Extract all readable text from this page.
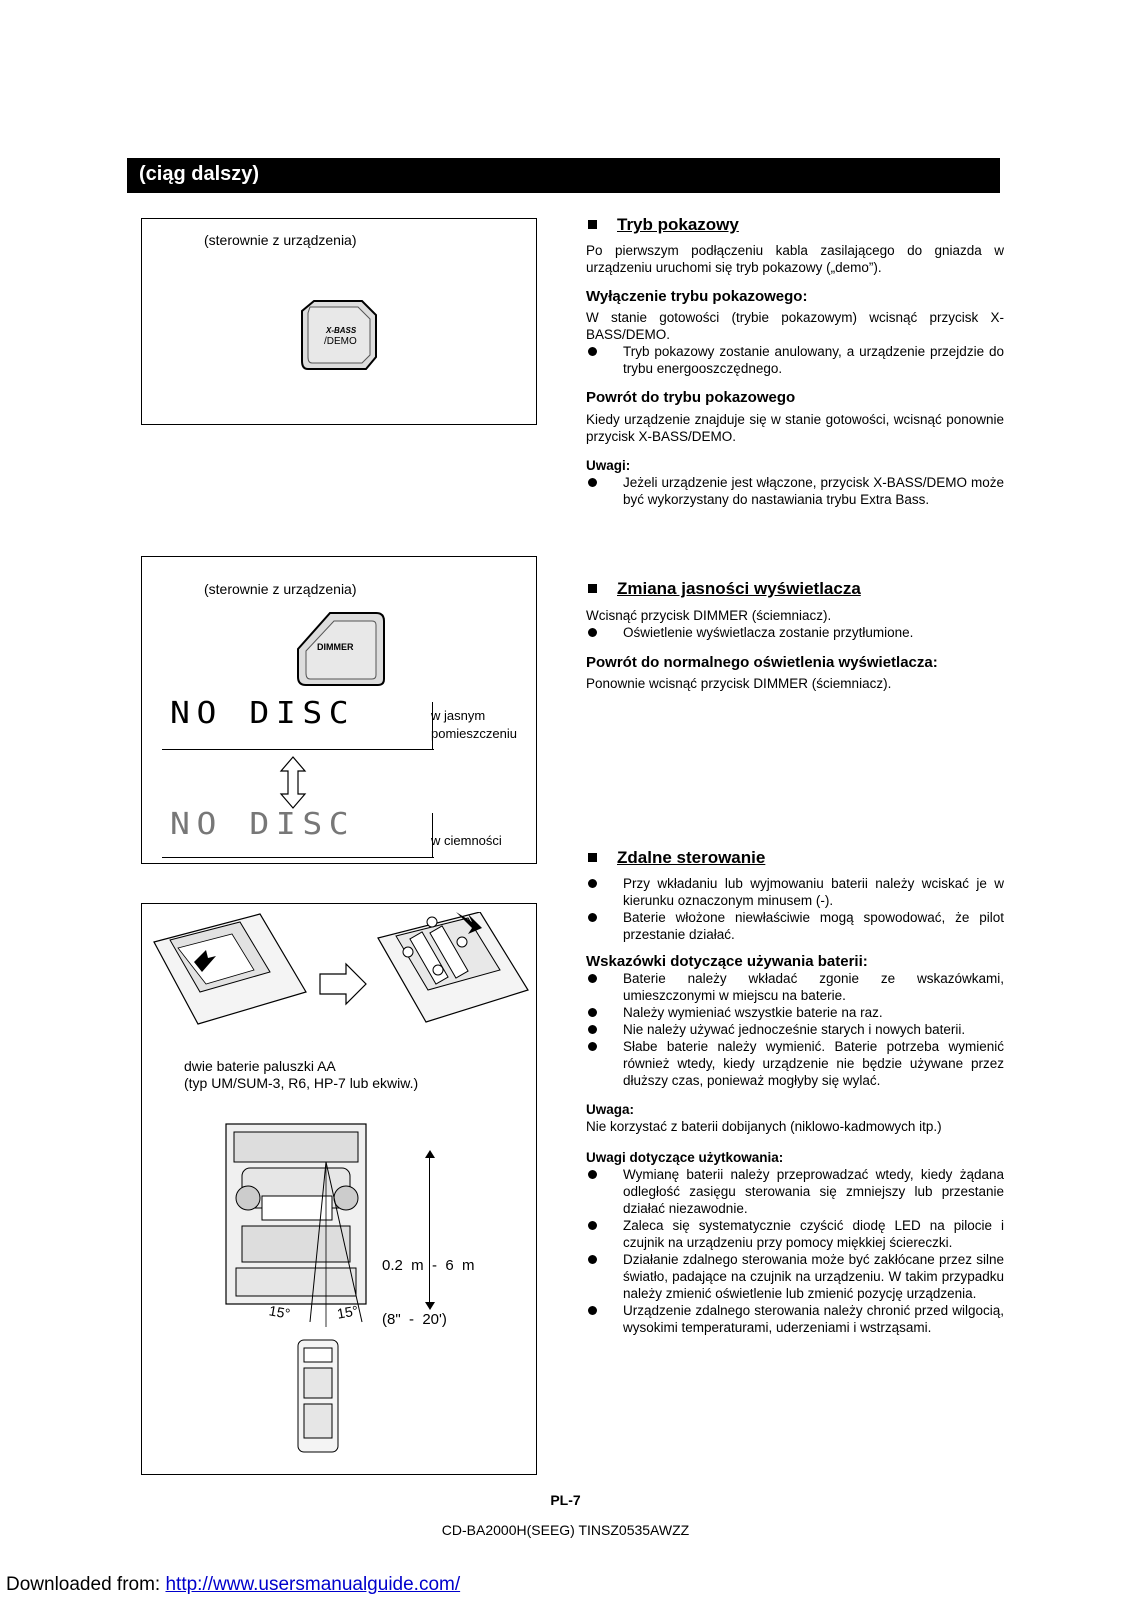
(ciąg dalszy)
(sterownie z urządzenia)
X-BASS
/DEMO
(sterownie z urządzenia)
DIMMER
NO DISC	w jasnym pomieszczeniu
NO DISC	w ciemności
dwie baterie paluszki AA
(typ UM/SUM-3, R6, HP-7 lub ekwiw.)
15°	15°

0.2  m  -  6  m

(8"  -  20')

Tryb pokazowy
Po pierwszym podłączeniu kabla zasilającego do gniazda w urządzeniu uruchomi się tryb pokazowy („demo”).
Wyłączenie trybu pokazowego:
W stanie gotowości (trybie pokazowym) wcisnąć przycisk X-BASS/DEMO.
Tryb pokazowy zostanie anulowany, a urządzenie przejdzie do trybu energooszczędnego.
Powrót do trybu pokazowego
Kiedy urządzenie znajduje się w stanie gotowości, wcisnąć ponownie przycisk X-BASS/DEMO.
Uwagi:
Jeżeli urządzenie jest włączone, przycisk X-BASS/DEMO może być wykorzystany do nastawiania trybu Extra Bass.
Zmiana jasności wyświetlacza
Wcisnąć przycisk DIMMER (ściemniacz).
Oświetlenie wyświetlacza zostanie przytłumione.
Powrót do normalnego oświetlenia wyświetlacza:
Ponownie wcisnąć przycisk DIMMER (ściemniacz).
Zdalne sterowanie
Przy wkładaniu lub wyjmowaniu baterii należy wciskać je w kierunku oznaczonym minusem (-).
Baterie włożone niewłaściwie mogą spowodować, że pilot przestanie działać.
Wskazówki dotyczące używania baterii:
Baterie należy wkładać zgonie ze wskazówkami, umieszczonymi w miejscu na baterie.
Należy wymieniać wszystkie baterie na raz.
Nie należy używać jednocześnie starych i nowych baterii.
Słabe baterie należy wymienić. Baterie potrzeba wymienić również wtedy, kiedy urządzenie nie będzie używane przez dłuższy czas, ponieważ mogłyby się wylać.
Uwaga:
Nie korzystać z baterii dobijanych (niklowo-kadmowych itp.)
Uwagi dotyczące użytkowania:
Wymianę baterii należy przeprowadzać wtedy, kiedy żądana odległość zasięgu sterowania się zmniejszy lub przestanie działać niezawodnie.
Zaleca się systematycznie czyścić diodę LED na pilocie i czujnik na urządzeniu przy pomocy miękkiej ściereczki.
Działanie zdalnego sterowania może być zakłócane przez silne światło, padające na czujnik na urządzeniu. W takim przypadku należy zmienić oświetlenie lub zmienić pozycję urządzenia.
Urządzenie zdalnego sterowania należy chronić przed wilgocią, wysokimi temperaturami, uderzeniami i wstrząsami.
PL-7
CD-BA2000H(SEEG) TINSZ0535AWZZ
Downloaded from: http://www.usersmanualguide.com/
